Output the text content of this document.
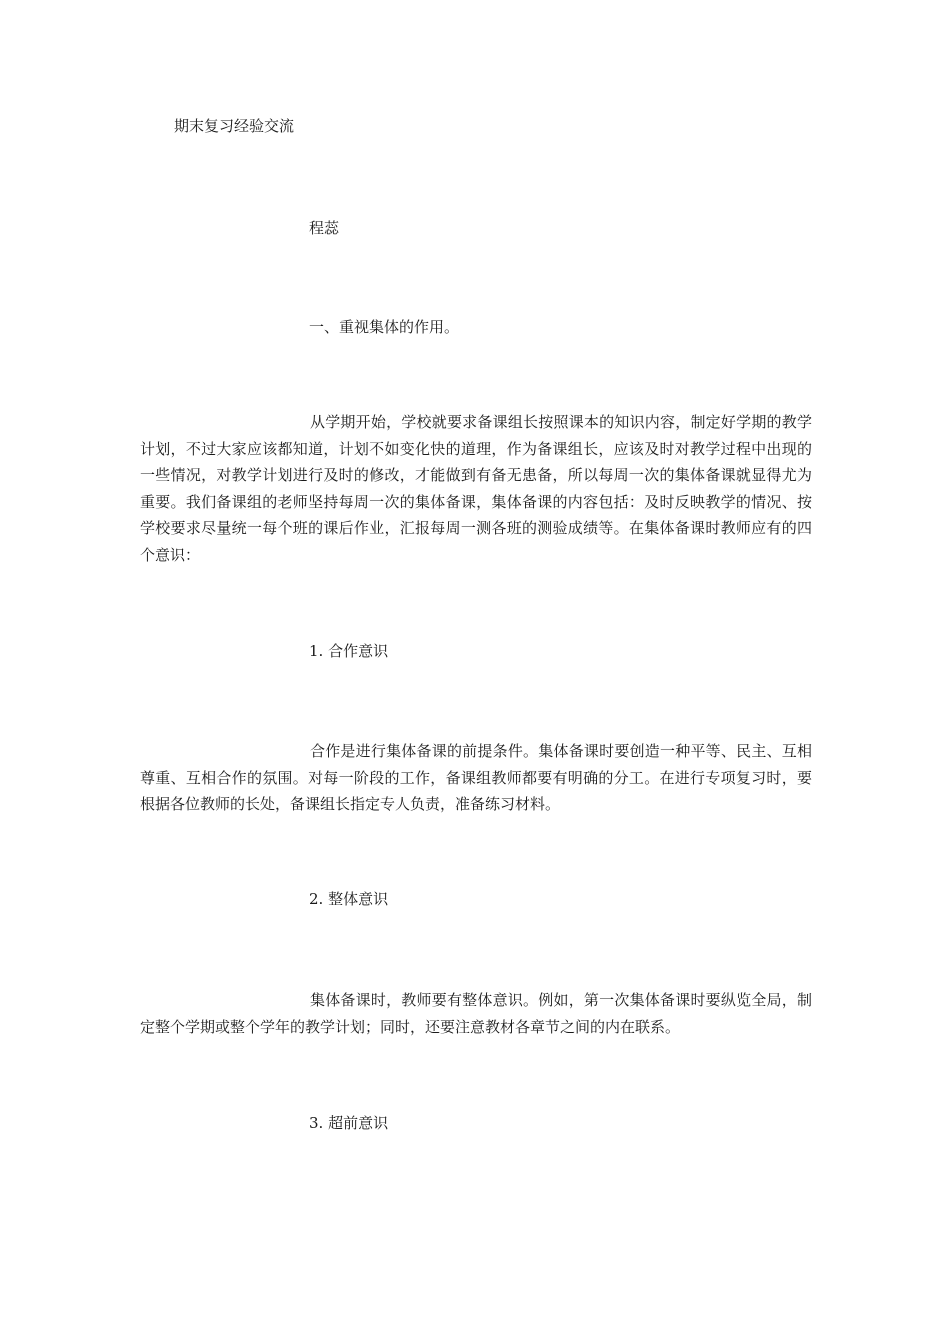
期末复习经验交流

程蕊

一、重视集体的作用。

从学期开始，学校就要求备课组长按照课本的知识内容，制定好学期的教学计划，不过大家应该都知道，计划不如变化快的道理，作为备课组长，应该及时对教学过程中出现的一些情况，对教学计划进行及时的修改，才能做到有备无患备，所以每周一次的集体备课就显得尤为重要。我们备课组的老师坚持每周一次的集体备课，集体备课的内容包括：及时反映教学的情况、按学校要求尽量统一每个班的课后作业，汇报每周一测各班的测验成绩等。在集体备课时教师应有的四个意识：

1. 合作意识

合作是进行集体备课的前提条件。集体备课时要创造一种平等、民主、互相尊重、互相合作的氛围。对每一阶段的工作，备课组教师都要有明确的分工。在进行专项复习时，要根据各位教师的长处，备课组长指定专人负责，准备练习材料。

2. 整体意识

集体备课时，教师要有整体意识。例如，第一次集体备课时要纵览全局，制定整个学期或整个学年的教学计划；同时，还要注意教材各章节之间的内在联系。

3. 超前意识
